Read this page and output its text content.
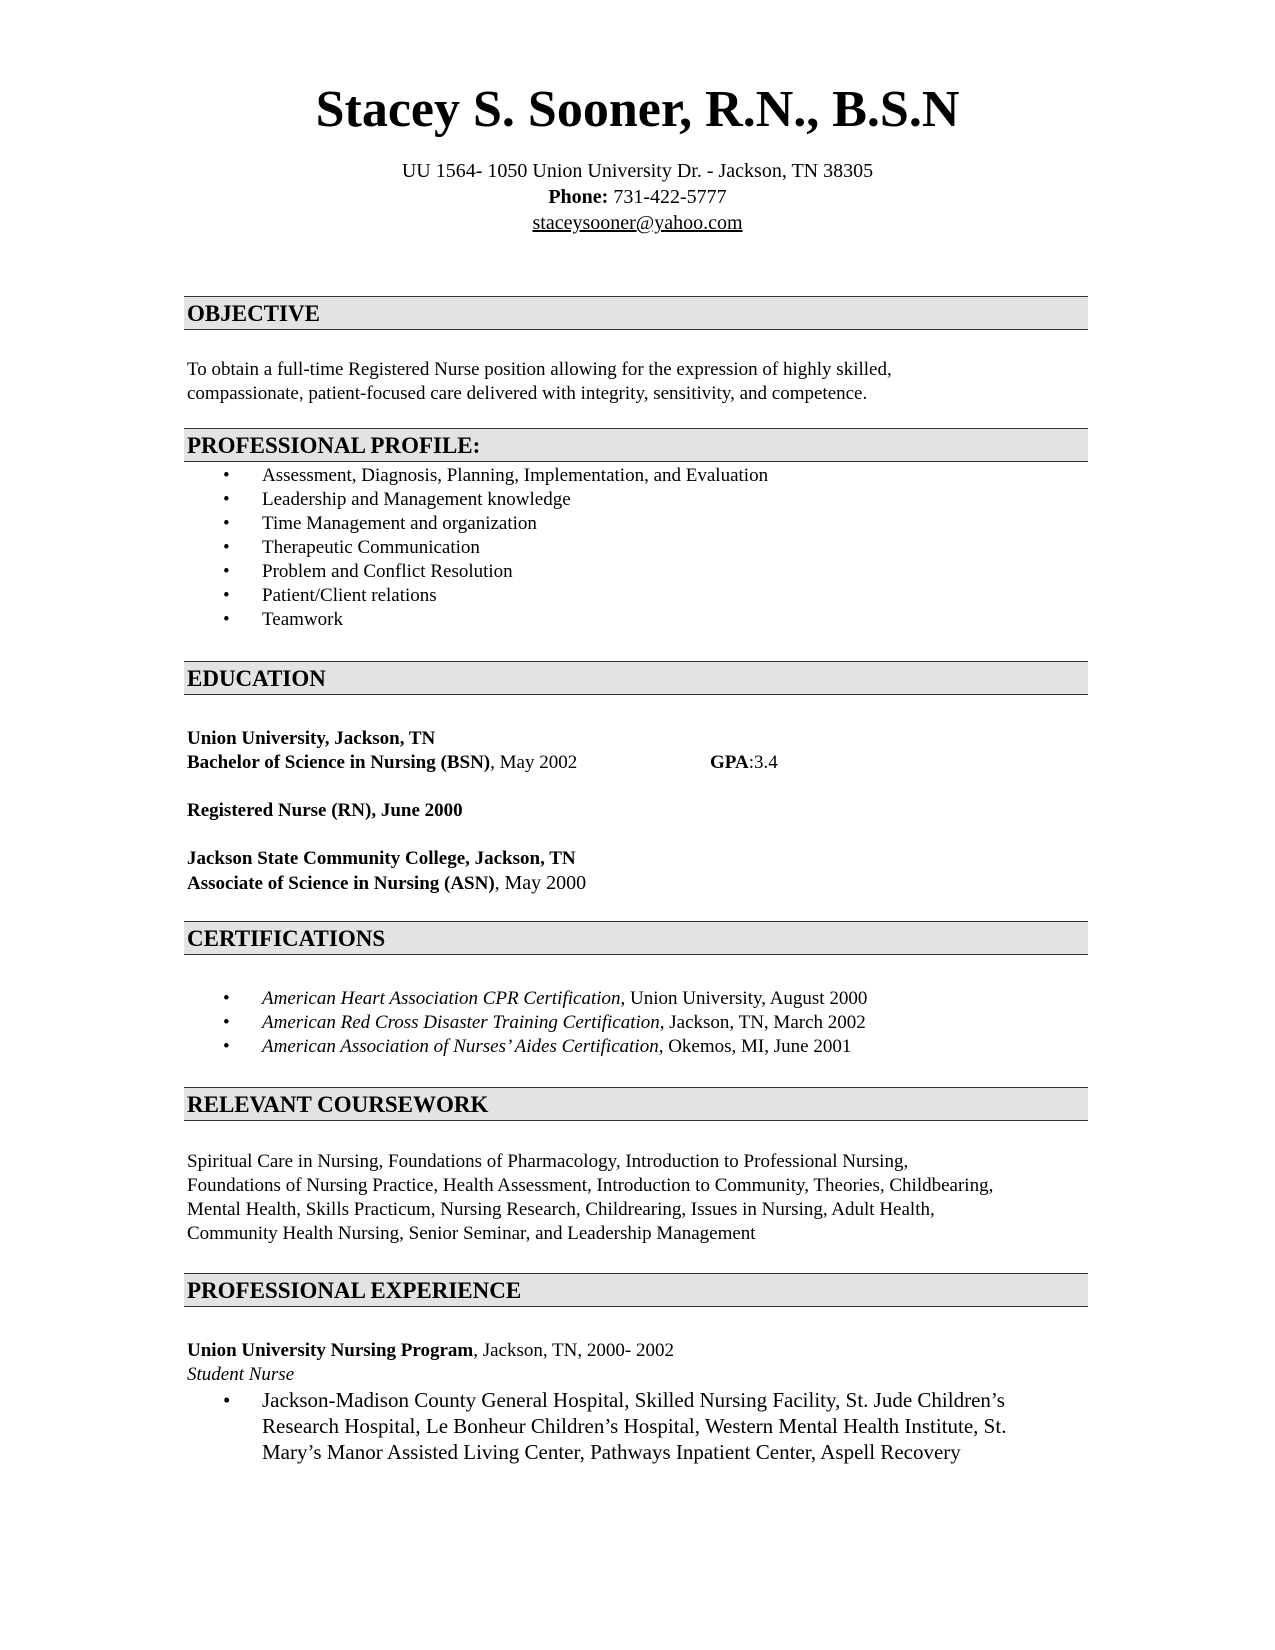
Stacey S. Sooner, R.N., B.S.N
UU 1564- 1050 Union University Dr. - Jackson, TN 38305
Phone: 731-422-5777
staceysooner@yahoo.com
OBJECTIVE
To obtain a full-time Registered Nurse position allowing for the expression of highly skilled,
compassionate, patient-focused care delivered with integrity, sensitivity, and competence.
PROFESSIONAL PROFILE:
• Assessment, Diagnosis, Planning, Implementation, and Evaluation
• Leadership and Management knowledge
• Time Management and organization
• Therapeutic Communication
• Problem and Conflict Resolution
• Patient/Client relations
• Teamwork
EDUCATION
Union University, Jackson, TN
Bachelor of Science in Nursing (BSN), May 2002	GPA:3.4
Registered Nurse (RN), June 2000
Jackson State Community College, Jackson, TN
Associate of Science in Nursing (ASN), May 2000
CERTIFICATIONS
• American Heart Association CPR Certification, Union University, August 2000
• American Red Cross Disaster Training Certification, Jackson, TN, March 2002
• American Association of Nurses’ Aides Certification, Okemos, MI, June 2001
RELEVANT COURSEWORK
Spiritual Care in Nursing, Foundations of Pharmacology, Introduction to Professional Nursing,
Foundations of Nursing Practice, Health Assessment, Introduction to Community, Theories, Childbearing,
Mental Health, Skills Practicum, Nursing Research, Childrearing, Issues in Nursing, Adult Health,
Community Health Nursing, Senior Seminar, and Leadership Management
PROFESSIONAL EXPERIENCE
Union University Nursing Program, Jackson, TN, 2000- 2002
Student Nurse
• Jackson-Madison County General Hospital, Skilled Nursing Facility, St. Jude Children’s
Research Hospital, Le Bonheur Children’s Hospital, Western Mental Health Institute, St.
Mary’s Manor Assisted Living Center, Pathways Inpatient Center, Aspell Recovery
